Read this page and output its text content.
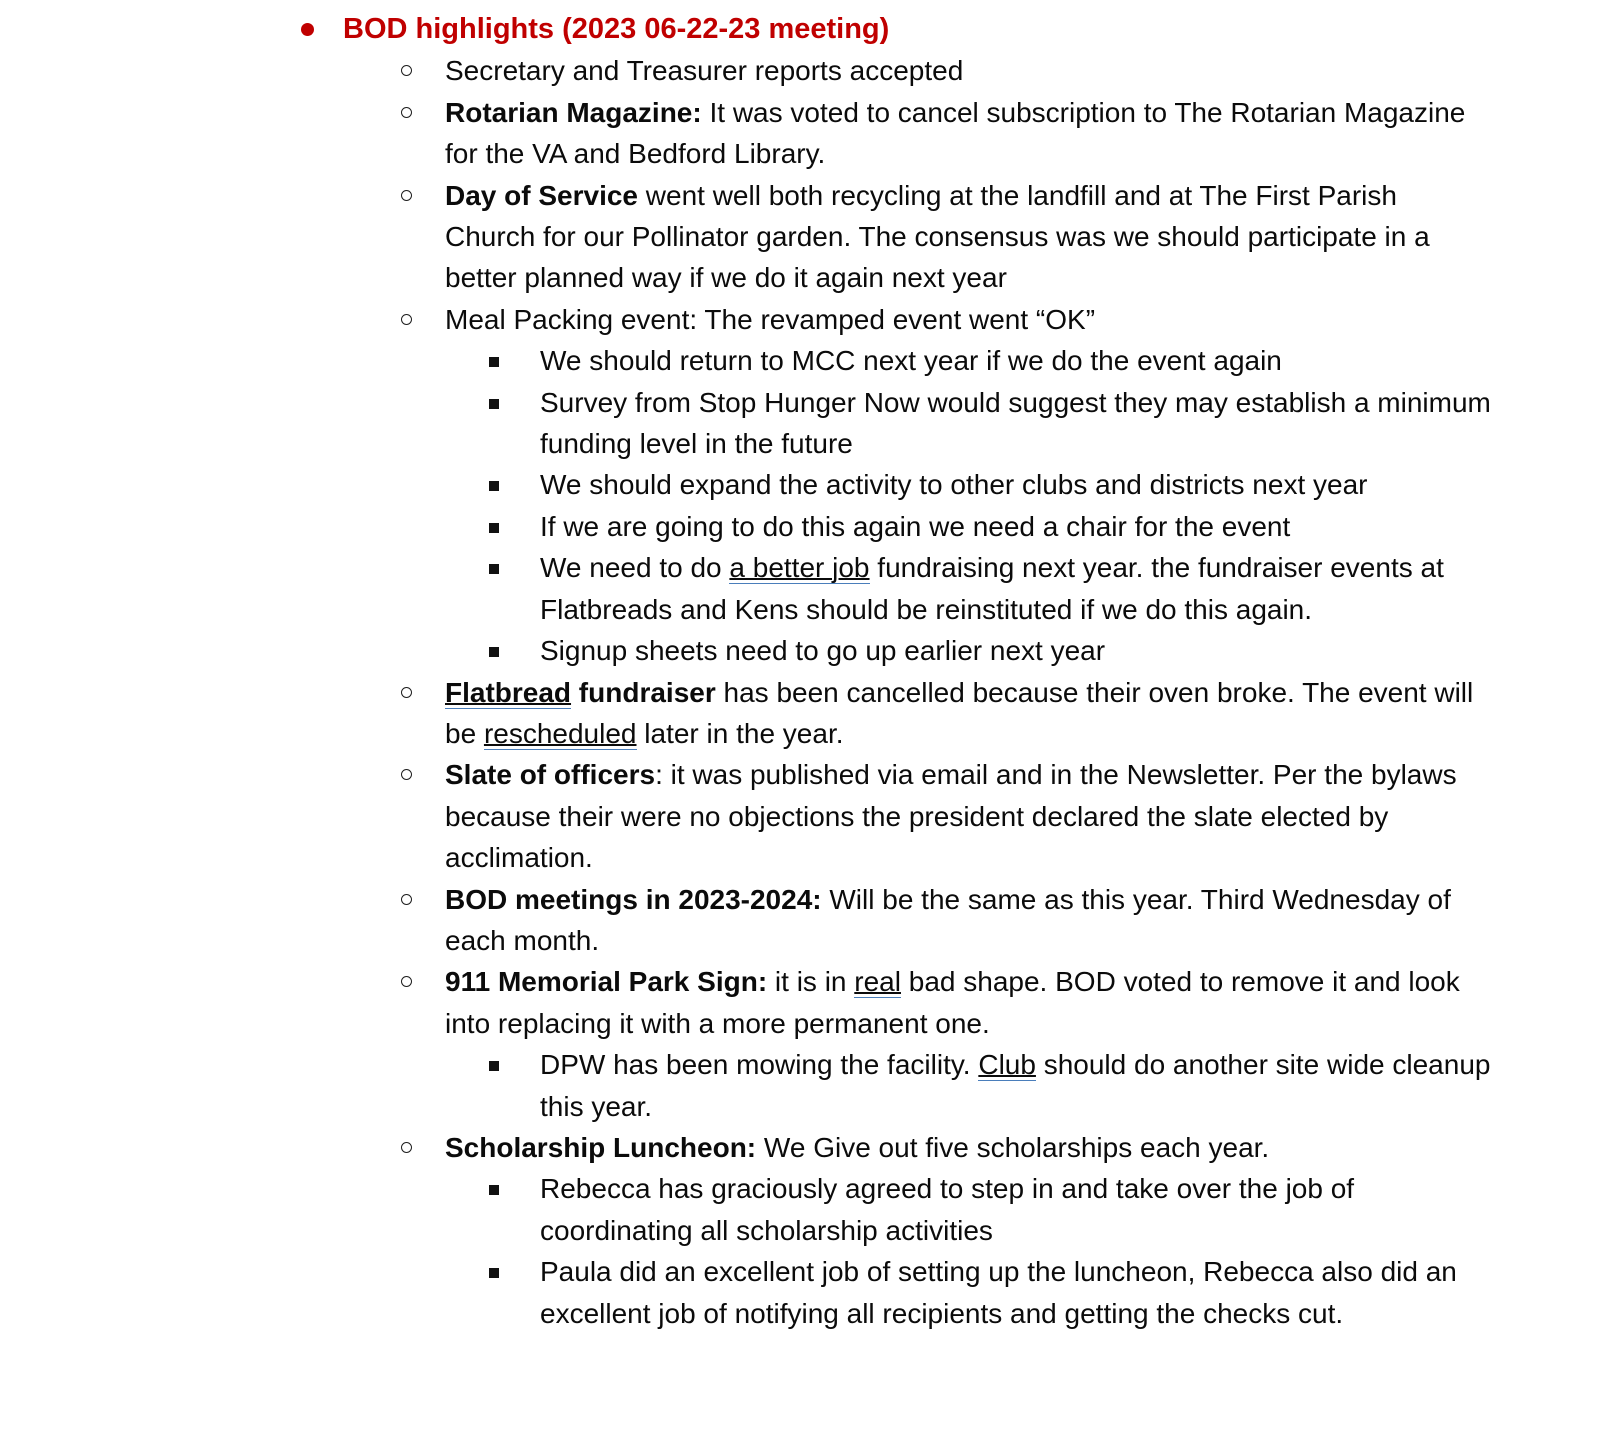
BOD highlights (2023 06-22-23 meeting)
Secretary and Treasurer reports accepted
Rotarian Magazine: It was voted to cancel subscription to The Rotarian Magazine for the VA and Bedford Library.
Day of Service went well both recycling at the landfill and at The First Parish Church for our Pollinator garden. The consensus was we should participate in a better planned way if we do it again next year
Meal Packing event: The revamped event went “OK”
We should return to MCC next year if we do the event again
Survey from Stop Hunger Now would suggest they may establish a minimum funding level in the future
We should expand the activity to other clubs and districts next year
If we are going to do this again we need a chair for the event
We need to do a better job fundraising next year. the fundraiser events at Flatbreads and Kens should be reinstituted if we do this again.
Signup sheets need to go up earlier next year
Flatbread fundraiser has been cancelled because their oven broke. The event will be rescheduled later in the year.
Slate of officers: it was published via email and in the Newsletter. Per the bylaws because their were no objections the president declared the slate elected by acclimation.
BOD meetings in 2023-2024: Will be the same as this year. Third Wednesday of each month.
911 Memorial Park Sign: it is in real bad shape. BOD voted to remove it and look into replacing it with a more permanent one.
DPW has been mowing the facility. Club should do another site wide cleanup this year.
Scholarship Luncheon: We Give out five scholarships each year.
Rebecca has graciously agreed to step in and take over the job of coordinating all scholarship activities
Paula did an excellent job of setting up the luncheon, Rebecca also did an excellent job of notifying all recipients and getting the checks cut.
